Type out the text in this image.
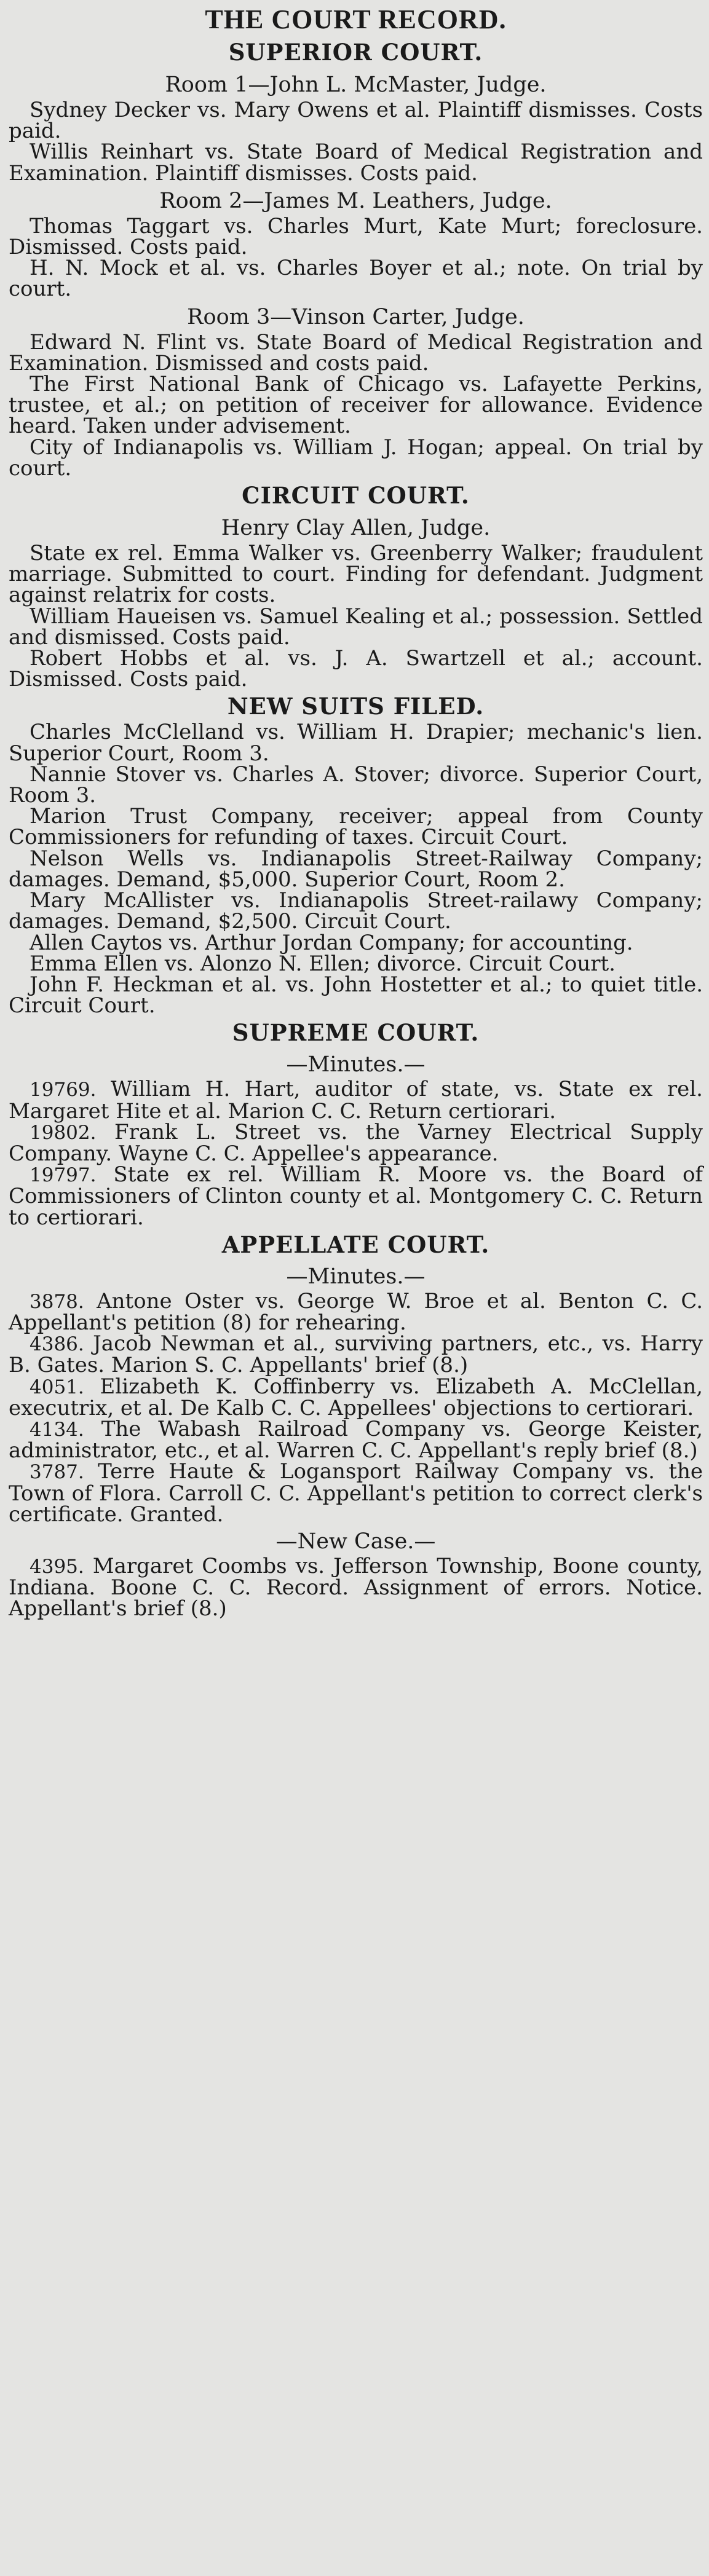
THE COURT RECORD.
SUPERIOR COURT.
Room 1—John L. McMaster, Judge.

Sydney Decker vs. Mary Owens et al. Plaintiff dismisses. Costs paid.

Willis Reinhart vs. State Board of Medical Registration and Examination. Plaintiff dismisses. Costs paid.

Room 2—James M. Leathers, Judge.

Thomas Taggart vs. Charles Murt, Kate Murt; foreclosure. Dismissed. Costs paid.

H. N. Mock et al. vs. Charles Boyer et al.; note. On trial by court.

Room 3—Vinson Carter, Judge.

Edward N. Flint vs. State Board of Medical Registration and Examination. Dismissed and costs paid.

The First National Bank of Chicago vs. Lafayette Perkins, trustee, et al.; on petition of receiver for allowance. Evidence heard. Taken under advisement.

City of Indianapolis vs. William J. Hogan; appeal. On trial by court.

CIRCUIT COURT.
Henry Clay Allen, Judge.

State ex rel. Emma Walker vs. Greenberry Walker; fraudulent marriage. Submitted to court. Finding for defendant. Judgment against relatrix for costs.

William Haueisen vs. Samuel Kealing et al.; possession. Settled and dismissed. Costs paid.

Robert Hobbs et al. vs. J. A. Swartzell et al.; account. Dismissed. Costs paid.

NEW SUITS FILED.

Charles McClelland vs. William H. Drapier; mechanic's lien. Superior Court, Room 3.

Nannie Stover vs. Charles A. Stover; divorce. Superior Court, Room 3.

Marion Trust Company, receiver; appeal from County Commissioners for refunding of taxes. Circuit Court.

Nelson Wells vs. Indianapolis Street-Railway Company; damages. Demand, $5,000. Superior Court, Room 2.

Mary McAllister vs. Indianapolis Street-railawy Company; damages. Demand, $2,500. Circuit Court.

Allen Caytos vs. Arthur Jordan Company; for accounting.

Emma Ellen vs. Alonzo N. Ellen; divorce. Circuit Court.

John F. Heckman et al. vs. John Hostetter et al.; to quiet title. Circuit Court.

SUPREME COURT.
—Minutes.—

19769. William H. Hart, auditor of state, vs. State ex rel. Margaret Hite et al. Marion C. C. Return certiorari.

19802. Frank L. Street vs. the Varney Electrical Supply Company. Wayne C. C. Appellee's appearance.

19797. State ex rel. William R. Moore vs. the Board of Commissioners of Clinton county et al. Montgomery C. C. Return to certiorari.

APPELLATE COURT.
—Minutes.—

3878. Antone Oster vs. George W. Broe et al. Benton C. C. Appellant's petition (8) for rehearing.

4386. Jacob Newman et al., surviving partners, etc., vs. Harry B. Gates. Marion S. C. Appellants' brief (8.)

4051. Elizabeth K. Coffinberry vs. Elizabeth A. McClellan, executrix, et al. De Kalb C. C. Appellees' objections to certiorari.

4134. The Wabash Railroad Company vs. George Keister, administrator, etc., et al. Warren C. C. Appellant's reply brief (8.)

3787. Terre Haute & Logansport Railway Company vs. the Town of Flora. Carroll C. C. Appellant's petition to correct clerk's certificate. Granted.

—New Case.—

4395. Margaret Coombs vs. Jefferson Township, Boone county, Indiana. Boone C. C. Record. Assignment of errors. Notice. Appellant's brief (8.)
